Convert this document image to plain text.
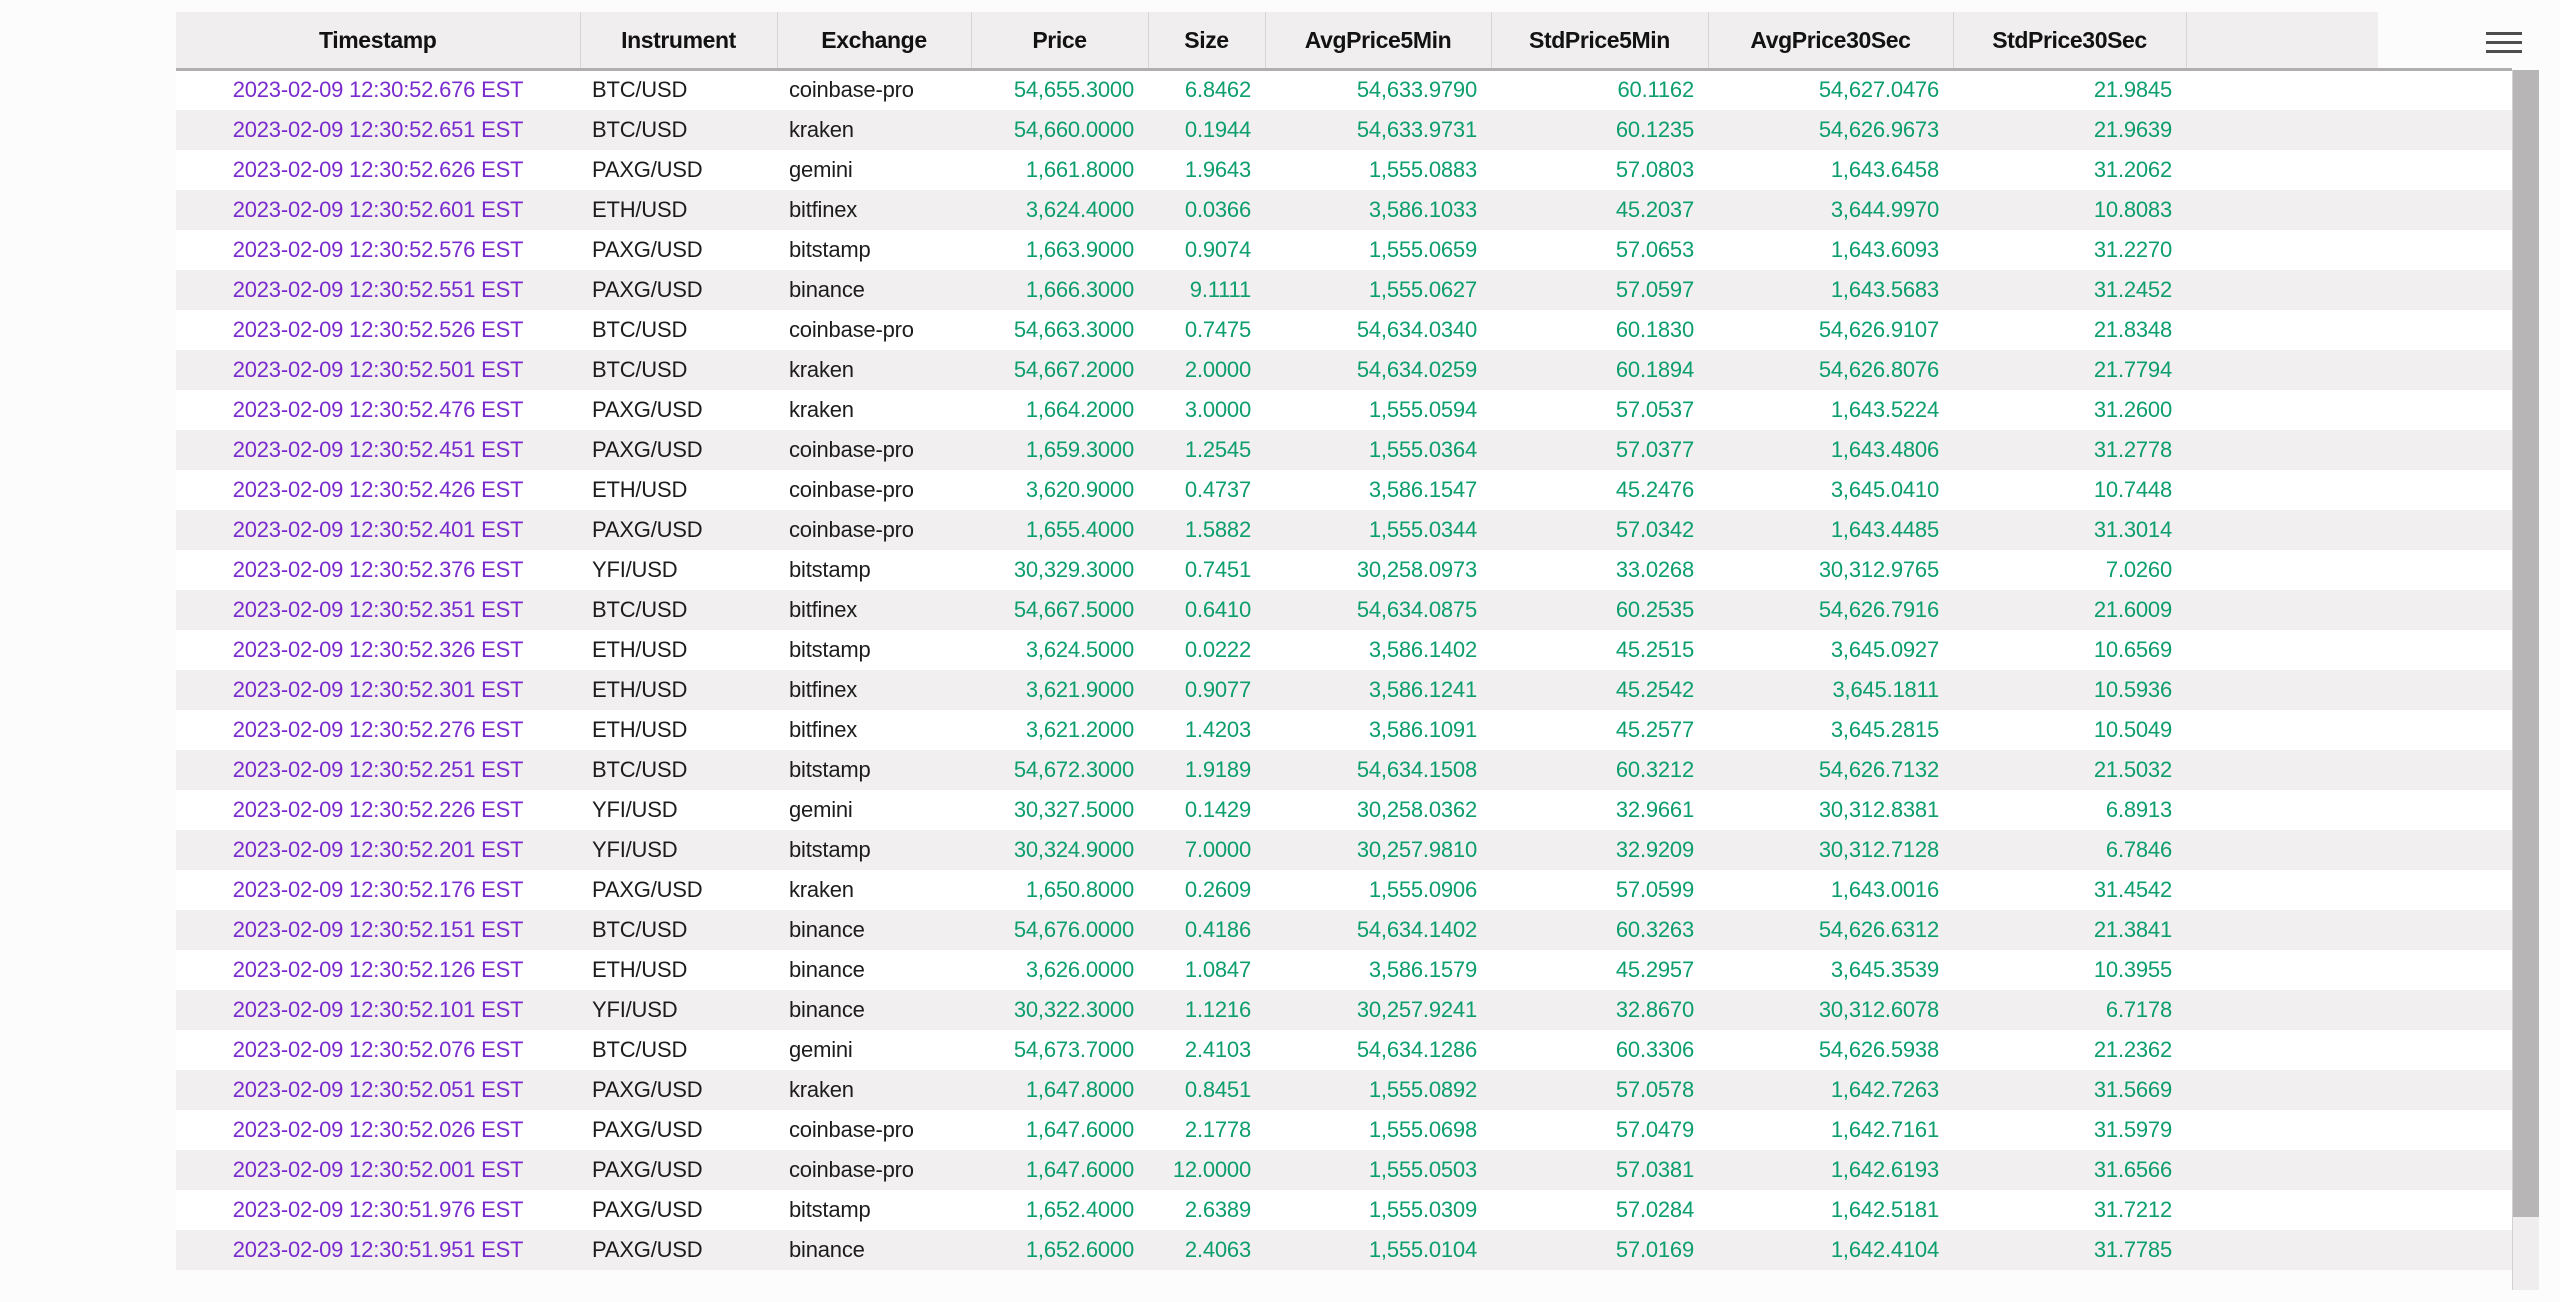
Timestamp	Instrument	Exchange	Price	Size	AvgPrice5Min	StdPrice5Min	AvgPrice30Sec	StdPrice30Sec		
2023-02-09 12:30:52.676 EST	BTC/USD	coinbase-pro	54,655.3000	6.8462	54,633.9790	60.1162	54,627.0476	21.9845		
2023-02-09 12:30:52.651 EST	BTC/USD	kraken	54,660.0000	0.1944	54,633.9731	60.1235	54,626.9673	21.9639		
2023-02-09 12:30:52.626 EST	PAXG/USD	gemini	1,661.8000	1.9643	1,555.0883	57.0803	1,643.6458	31.2062		
2023-02-09 12:30:52.601 EST	ETH/USD	bitfinex	3,624.4000	0.0366	3,586.1033	45.2037	3,644.9970	10.8083		
2023-02-09 12:30:52.576 EST	PAXG/USD	bitstamp	1,663.9000	0.9074	1,555.0659	57.0653	1,643.6093	31.2270		
2023-02-09 12:30:52.551 EST	PAXG/USD	binance	1,666.3000	9.1111	1,555.0627	57.0597	1,643.5683	31.2452		
2023-02-09 12:30:52.526 EST	BTC/USD	coinbase-pro	54,663.3000	0.7475	54,634.0340	60.1830	54,626.9107	21.8348		
2023-02-09 12:30:52.501 EST	BTC/USD	kraken	54,667.2000	2.0000	54,634.0259	60.1894	54,626.8076	21.7794		
2023-02-09 12:30:52.476 EST	PAXG/USD	kraken	1,664.2000	3.0000	1,555.0594	57.0537	1,643.5224	31.2600		
2023-02-09 12:30:52.451 EST	PAXG/USD	coinbase-pro	1,659.3000	1.2545	1,555.0364	57.0377	1,643.4806	31.2778		
2023-02-09 12:30:52.426 EST	ETH/USD	coinbase-pro	3,620.9000	0.4737	3,586.1547	45.2476	3,645.0410	10.7448		
2023-02-09 12:30:52.401 EST	PAXG/USD	coinbase-pro	1,655.4000	1.5882	1,555.0344	57.0342	1,643.4485	31.3014		
2023-02-09 12:30:52.376 EST	YFI/USD	bitstamp	30,329.3000	0.7451	30,258.0973	33.0268	30,312.9765	7.0260		
2023-02-09 12:30:52.351 EST	BTC/USD	bitfinex	54,667.5000	0.6410	54,634.0875	60.2535	54,626.7916	21.6009		
2023-02-09 12:30:52.326 EST	ETH/USD	bitstamp	3,624.5000	0.0222	3,586.1402	45.2515	3,645.0927	10.6569		
2023-02-09 12:30:52.301 EST	ETH/USD	bitfinex	3,621.9000	0.9077	3,586.1241	45.2542	3,645.1811	10.5936		
2023-02-09 12:30:52.276 EST	ETH/USD	bitfinex	3,621.2000	1.4203	3,586.1091	45.2577	3,645.2815	10.5049		
2023-02-09 12:30:52.251 EST	BTC/USD	bitstamp	54,672.3000	1.9189	54,634.1508	60.3212	54,626.7132	21.5032		
2023-02-09 12:30:52.226 EST	YFI/USD	gemini	30,327.5000	0.1429	30,258.0362	32.9661	30,312.8381	6.8913		
2023-02-09 12:30:52.201 EST	YFI/USD	bitstamp	30,324.9000	7.0000	30,257.9810	32.9209	30,312.7128	6.7846		
2023-02-09 12:30:52.176 EST	PAXG/USD	kraken	1,650.8000	0.2609	1,555.0906	57.0599	1,643.0016	31.4542		
2023-02-09 12:30:52.151 EST	BTC/USD	binance	54,676.0000	0.4186	54,634.1402	60.3263	54,626.6312	21.3841		
2023-02-09 12:30:52.126 EST	ETH/USD	binance	3,626.0000	1.0847	3,586.1579	45.2957	3,645.3539	10.3955		
2023-02-09 12:30:52.101 EST	YFI/USD	binance	30,322.3000	1.1216	30,257.9241	32.8670	30,312.6078	6.7178		
2023-02-09 12:30:52.076 EST	BTC/USD	gemini	54,673.7000	2.4103	54,634.1286	60.3306	54,626.5938	21.2362		
2023-02-09 12:30:52.051 EST	PAXG/USD	kraken	1,647.8000	0.8451	1,555.0892	57.0578	1,642.7263	31.5669		
2023-02-09 12:30:52.026 EST	PAXG/USD	coinbase-pro	1,647.6000	2.1778	1,555.0698	57.0479	1,642.7161	31.5979		
2023-02-09 12:30:52.001 EST	PAXG/USD	coinbase-pro	1,647.6000	12.0000	1,555.0503	57.0381	1,642.6193	31.6566		
2023-02-09 12:30:51.976 EST	PAXG/USD	bitstamp	1,652.4000	2.6389	1,555.0309	57.0284	1,642.5181	31.7212		
2023-02-09 12:30:51.951 EST	PAXG/USD	binance	1,652.6000	2.4063	1,555.0104	57.0169	1,642.4104	31.7785		
